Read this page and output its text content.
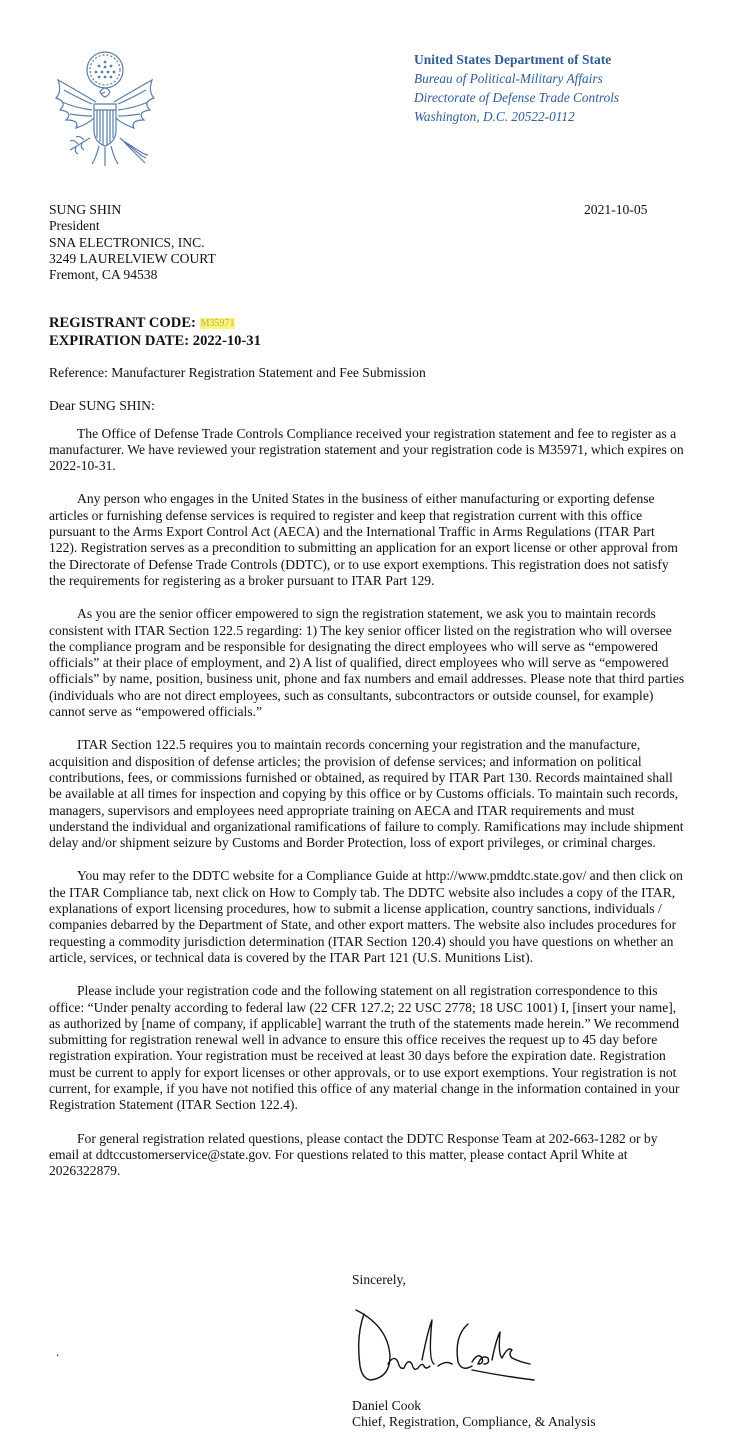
United States Department of State
Bureau of Political-Military Affairs
Directorate of Defense Trade Controls
Washington, D.C. 20522-0112
SUNG SHIN
President
SNA ELECTRONICS, INC.
3249 LAURELVIEW COURT
Fremont, CA 94538
2021-10-05
REGISTRANT CODE: M35971
EXPIRATION DATE: 2022-10-31

Reference: Manufacturer Registration Statement and Fee Submission

Dear SUNG SHIN:

The Office of Defense Trade Controls Compliance received your registration statement and fee to register as a manufacturer. We have reviewed your registration statement and your registration code is M35971, which expires on 2022-10-31.

Any person who engages in the United States in the business of either manufacturing or exporting defense articles or furnishing defense services is required to register and keep that registration current with this office pursuant to the Arms Export Control Act (AECA) and the International Traffic in Arms Regulations (ITAR Part 122). Registration serves as a precondition to submitting an application for an export license or other approval from the Directorate of Defense Trade Controls (DDTC), or to use export exemptions. This registration does not satisfy the requirements for registering as a broker pursuant to ITAR Part 129.

As you are the senior officer empowered to sign the registration statement, we ask you to maintain records consistent with ITAR Section 122.5 regarding: 1) The key senior officer listed on the registration who will oversee the compliance program and be responsible for designating the direct employees who will serve as “empowered officials” at their place of employment, and 2) A list of qualified, direct employees who will serve as “empowered officials” by name, position, business unit, phone and fax numbers and email addresses. Please note that third parties (individuals who are not direct employees, such as consultants, subcontractors or outside counsel, for example) cannot serve as “empowered officials.”

ITAR Section 122.5 requires you to maintain records concerning your registration and the manufacture, acquisition and disposition of defense articles; the provision of defense services; and information on political contributions, fees, or commissions furnished or obtained, as required by ITAR Part 130. Records maintained shall be available at all times for inspection and copying by this office or by Customs officials. To maintain such records, managers, supervisors and employees need appropriate training on AECA and ITAR requirements and must understand the individual and organizational ramifications of failure to comply. Ramifications may include shipment delay and/or shipment seizure by Customs and Border Protection, loss of export privileges, or criminal charges.

You may refer to the DDTC website for a Compliance Guide at http://www.pmddtc.state.gov/ and then click on the ITAR Compliance tab, next click on How to Comply tab. The DDTC website also includes a copy of the ITAR, explanations of export licensing procedures, how to submit a license application, country sanctions, individuals / companies debarred by the Department of State, and other export matters. The website also includes procedures for requesting a commodity jurisdiction determination (ITAR Section 120.4) should you have questions on whether an article, services, or technical data is covered by the ITAR Part 121 (U.S. Munitions List).

Please include your registration code and the following statement on all registration correspondence to this office: “Under penalty according to federal law (22 CFR 127.2; 22 USC 2778; 18 USC 1001) I, [insert your name], as authorized by [name of company, if applicable] warrant the truth of the statements made herein.” We recommend submitting for registration renewal well in advance to ensure this office receives the request up to 45 day before registration expiration. Your registration must be received at least 30 days before the expiration date. Registration must be current to apply for export licenses or other approvals, or to use export exemptions. Your registration is not current, for example, if you have not notified this office of any material change in the information contained in your Registration Statement (ITAR Section 122.4).

For general registration related questions, please contact the DDTC Response Team at 202-663-1282 or by email at ddtccustomerservice@state.gov. For questions related to this matter, please contact April White at 2026322879.

Sincerely,
Daniel Cook
Chief, Registration, Compliance, & Analysis
.
